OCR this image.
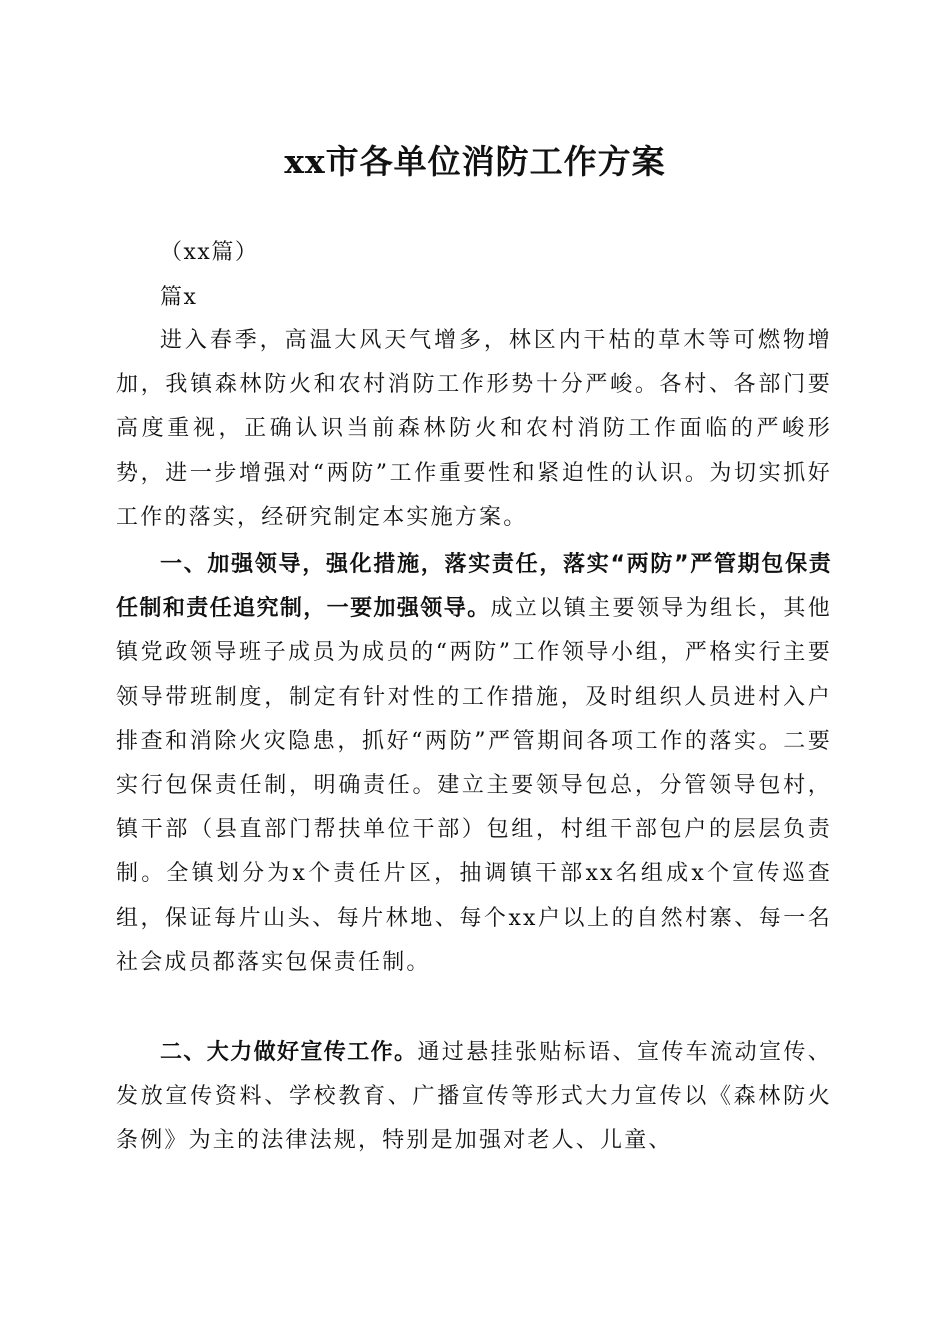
xx市各单位消防工作方案
（xx篇）
篇x

进入春季，高温大风天气增多，林区内干枯的草木等可燃物增加，我镇森林防火和农村消防工作形势十分严峻。各村、各部门要高度重视，正确认识当前森林防火和农村消防工作面临的严峻形势，进一步增强对“两防”工作重要性和紧迫性的认识。为切实抓好工作的落实，经研究制定本实施方案。

一、加强领导，强化措施，落实责任，落实“两防”严管期包保责任制和责任追究制，一要加强领导。成立以镇主要领导为组长，其他镇党政领导班子成员为成员的“两防”工作领导小组，严格实行主要领导带班制度，制定有针对性的工作措施，及时组织人员进村入户排查和消除火灾隐患，抓好“两防”严管期间各项工作的落实。二要实行包保责任制，明确责任。建立主要领导包总，分管领导包村，镇干部（县直部门帮扶单位干部）包组，村组干部包户的层层负责制。全镇划分为x个责任片区，抽调镇干部xx名组成x个宣传巡查组，保证每片山头、每片林地、每个xx户以上的自然村寨、每一名社会成员都落实包保责任制。

二、大力做好宣传工作。通过悬挂张贴标语、宣传车流动宣传、发放宣传资料、学校教育、广播宣传等形式大力宣传以《森林防火条例》为主的法律法规，特别是加强对老人、儿童、
